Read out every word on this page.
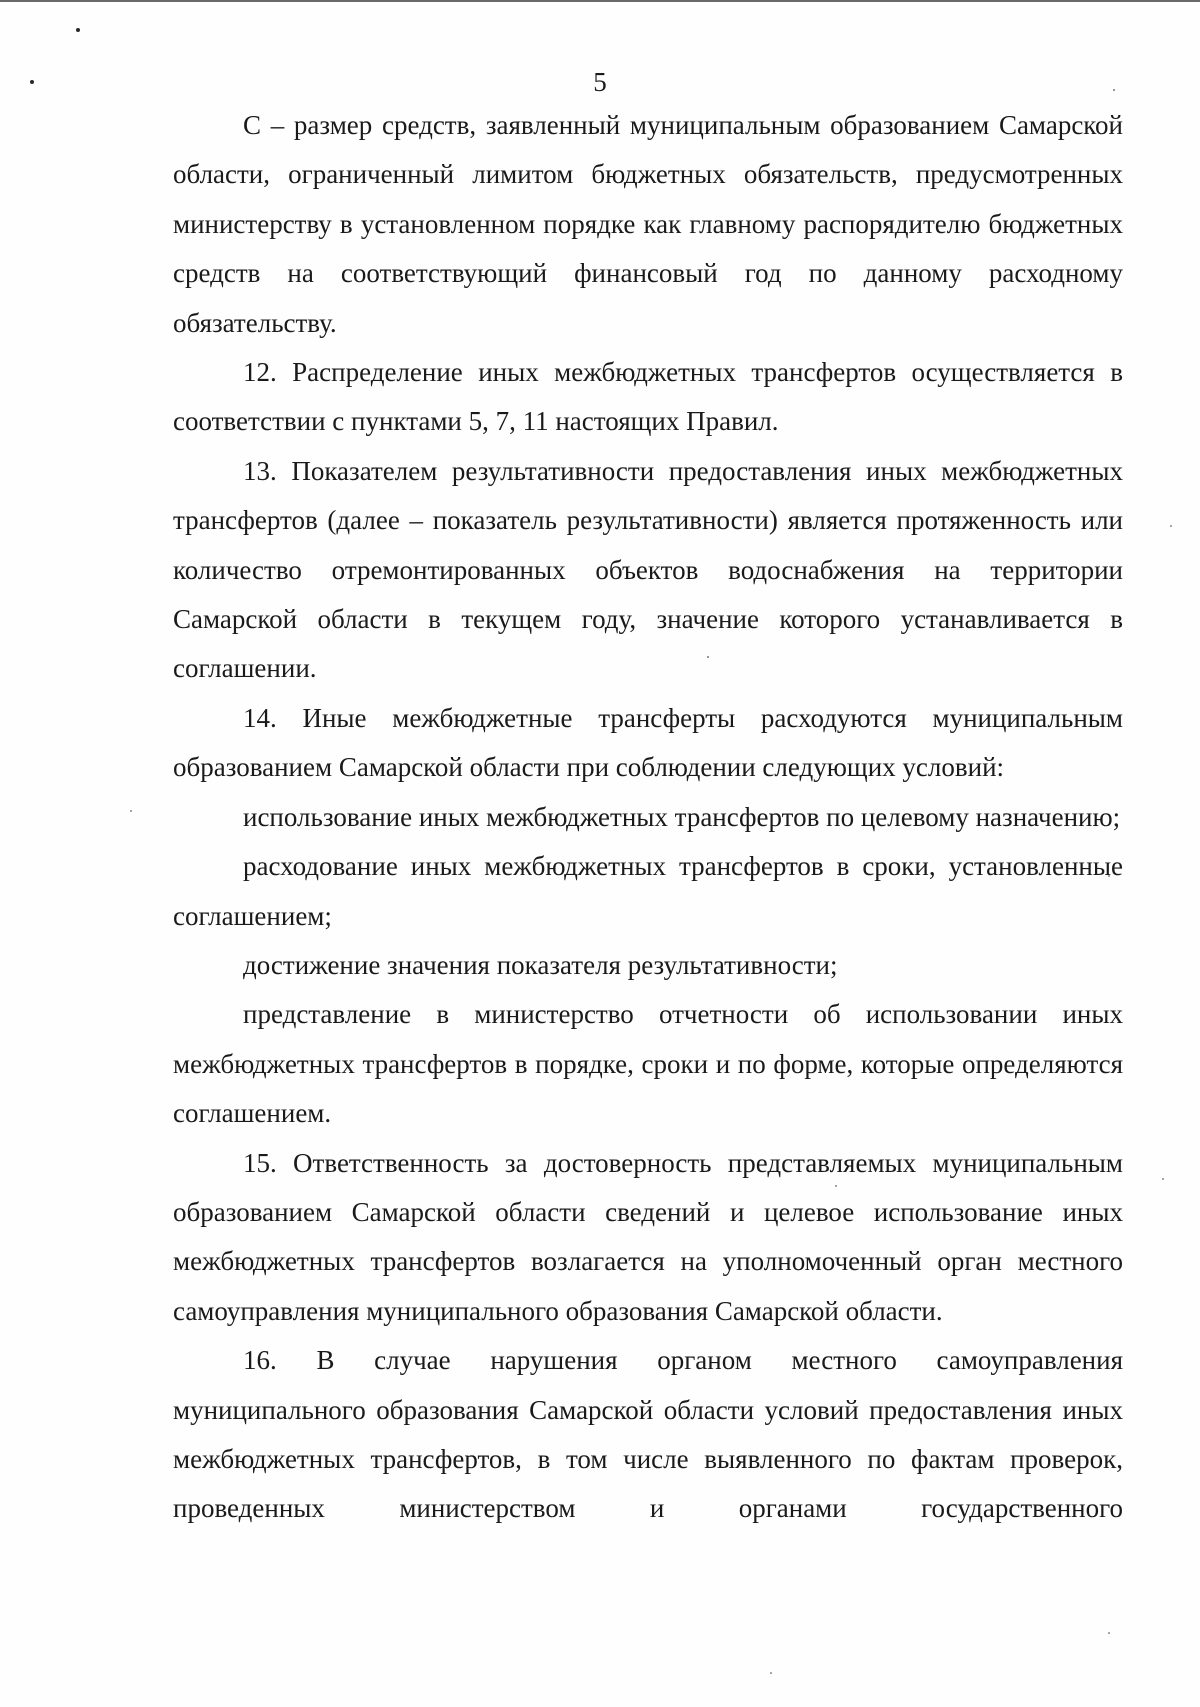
5

С – размер средств, заявленный муниципальным образованием Самарской области, ограниченный лимитом бюджетных обязательств, предусмотренных министерству в установленном порядке как главному распорядителю бюджетных средств на соответствующий финансовый год по данному расходному обязательству.

12. Распределение иных межбюджетных трансфертов осуществляется в соответствии с пунктами 5, 7, 11 настоящих Правил.

13. Показателем результативности предоставления иных межбюджетных трансфертов (далее – показатель результативности) является протяженность или количество отремонтированных объектов водоснабжения на территории Самарской области в текущем году, значение которого устанавливается в соглашении.

14. Иные межбюджетные трансферты расходуются муниципальным образованием Самарской области при соблюдении следующих условий:

использование иных межбюджетных трансфертов по целевому назначению;

расходование иных межбюджетных трансфертов в сроки, установленные соглашением;

достижение значения показателя результативности;

представление в министерство отчетности об использовании иных межбюджетных трансфертов в порядке, сроки и по форме, которые определяются соглашением.

15. Ответственность за достоверность представляемых муниципальным образованием Самарской области сведений и целевое использование иных межбюджетных трансфертов возлагается на уполномоченный орган местного самоуправления муниципального образования Самарской области.

16. В случае нарушения органом местного самоуправления муниципального образования Самарской области условий предоставления иных межбюджетных трансфертов, в том числе выявленного по фактам проверок, проведенных министерством и органами государственного
